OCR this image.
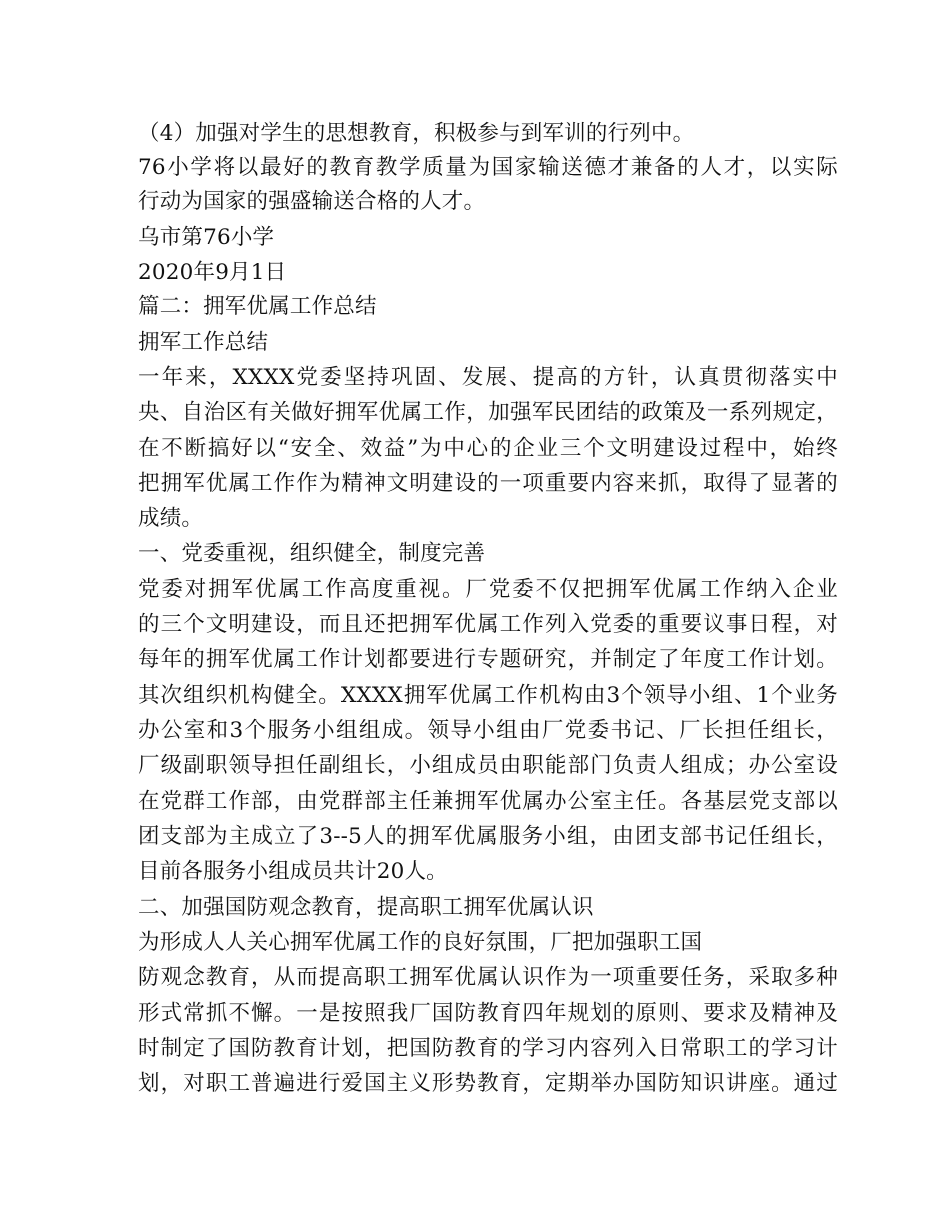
（4）加强对学生的思想教育，积极参与到军训的行列中。
76小学将以最好的教育教学质量为国家输送德才兼备的人才，以实际
行动为国家的强盛输送合格的人才。
乌市第76小学
2020年9月1日
篇二：拥军优属工作总结
拥军工作总结
一年来，XXXX党委坚持巩固、发展、提高的方针，认真贯彻落实中
央、自治区有关做好拥军优属工作，加强军民团结的政策及一系列规定，
在不断搞好以“安全、效益”为中心的企业三个文明建设过程中，始终
把拥军优属工作作为精神文明建设的一项重要内容来抓，取得了显著的
成绩。
一、党委重视，组织健全，制度完善
党委对拥军优属工作高度重视。厂党委不仅把拥军优属工作纳入企业
的三个文明建设，而且还把拥军优属工作列入党委的重要议事日程，对
每年的拥军优属工作计划都要进行专题研究，并制定了年度工作计划。
其次组织机构健全。XXXX拥军优属工作机构由3个领导小组、1个业务
办公室和3个服务小组组成。领导小组由厂党委书记、厂长担任组长，
厂级副职领导担任副组长，小组成员由职能部门负责人组成；办公室设
在党群工作部，由党群部主任兼拥军优属办公室主任。各基层党支部以
团支部为主成立了3--5人的拥军优属服务小组，由团支部书记任组长，
目前各服务小组成员共计20人。
二、加强国防观念教育，提高职工拥军优属认识
为形成人人关心拥军优属工作的良好氛围，厂把加强职工国
防观念教育，从而提高职工拥军优属认识作为一项重要任务，采取多种
形式常抓不懈。一是按照我厂国防教育四年规划的原则、要求及精神及
时制定了国防教育计划，把国防教育的学习内容列入日常职工的学习计
划，对职工普遍进行爱国主义形势教育，定期举办国防知识讲座。通过
